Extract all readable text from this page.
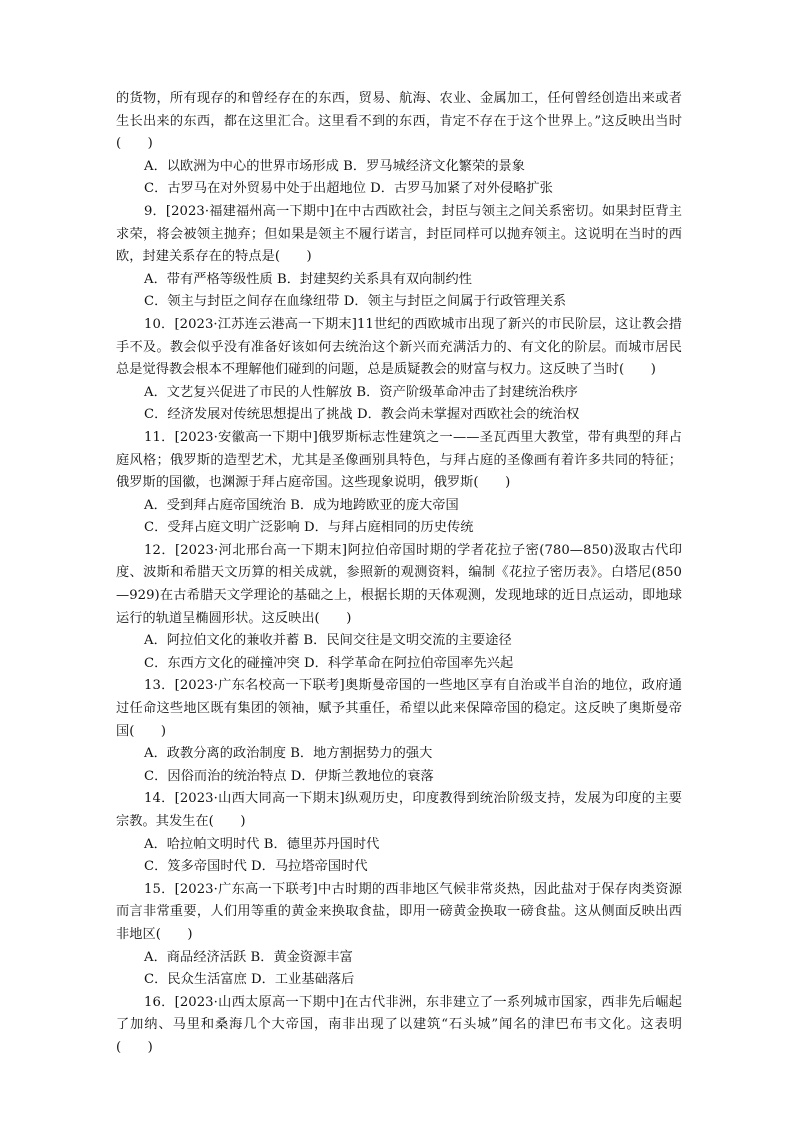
的货物，所有现存的和曾经存在的东西，贸易、航海、农业、金属加工，任何曾经创造出来或者生长出来的东西，都在这里汇合。这里看不到的东西，肯定不存在于这个世界上。”这反映出当时(　　)

A．以欧洲为中心的世界市场形成 B．罗马城经济文化繁荣的景象

C．古罗马在对外贸易中处于出超地位 D．古罗马加紧了对外侵略扩张

9．[2023·福建福州高一下期中]在中古西欧社会，封臣与领主之间关系密切。如果封臣背主求荣，将会被领主抛弃；但如果是领主不履行诺言，封臣同样可以抛弃领主。这说明在当时的西欧，封建关系存在的特点是(　　)

A．带有严格等级性质 B．封建契约关系具有双向制约性

C．领主与封臣之间存在血缘纽带 D．领主与封臣之间属于行政管理关系

10．[2023·江苏连云港高一下期末]11世纪的西欧城市出现了新兴的市民阶层，这让教会措手不及。教会似乎没有准备好该如何去统治这个新兴而充满活力的、有文化的阶层。而城市居民总是觉得教会根本不理解他们碰到的问题，总是质疑教会的财富与权力。这反映了当时(　　)

A．文艺复兴促进了市民的人性解放 B．资产阶级革命冲击了封建统治秩序

C．经济发展对传统思想提出了挑战 D．教会尚未掌握对西欧社会的统治权

11．[2023·安徽高一下期中]俄罗斯标志性建筑之一——圣瓦西里大教堂，带有典型的拜占庭风格；俄罗斯的造型艺术，尤其是圣像画别具特色，与拜占庭的圣像画有着许多共同的特征；俄罗斯的国徽，也渊源于拜占庭帝国。这些现象说明，俄罗斯(　　)

A．受到拜占庭帝国统治 B．成为地跨欧亚的庞大帝国

C．受拜占庭文明广泛影响 D．与拜占庭相同的历史传统

12．[2023·河北邢台高一下期末]阿拉伯帝国时期的学者花拉子密(780—850)汲取古代印度、波斯和希腊天文历算的相关成就，参照新的观测资料，编制《花拉子密历表》。白塔尼(850—929)在古希腊天文学理论的基础之上，根据长期的天体观测，发现地球的近日点运动，即地球运行的轨道呈椭圆形状。这反映出(　　)

A．阿拉伯文化的兼收并蓄 B．民间交往是文明交流的主要途径

C．东西方文化的碰撞冲突 D．科学革命在阿拉伯帝国率先兴起

13．[2023·广东名校高一下联考]奥斯曼帝国的一些地区享有自治或半自治的地位，政府通过任命这些地区既有集团的领袖，赋予其重任，希望以此来保障帝国的稳定。这反映了奥斯曼帝国(　　)

A．政教分离的政治制度 B．地方割据势力的强大

C．因俗而治的统治特点 D．伊斯兰教地位的衰落

14．[2023·山西大同高一下期末]纵观历史，印度教得到统治阶级支持，发展为印度的主要宗教。其发生在(　　)

A．哈拉帕文明时代 B．德里苏丹国时代

C．笈多帝国时代 D．马拉塔帝国时代

15．[2023·广东高一下联考]中古时期的西非地区气候非常炎热，因此盐对于保存肉类资源而言非常重要，人们用等重的黄金来换取食盐，即用一磅黄金换取一磅食盐。这从侧面反映出西非地区(　　)

A．商品经济活跃 B．黄金资源丰富

C．民众生活富庶 D．工业基础落后

16．[2023·山西太原高一下期中]在古代非洲，东非建立了一系列城市国家，西非先后崛起了加纳、马里和桑海几个大帝国，南非出现了以建筑“石头城”闻名的津巴布韦文化。这表明(　　)
